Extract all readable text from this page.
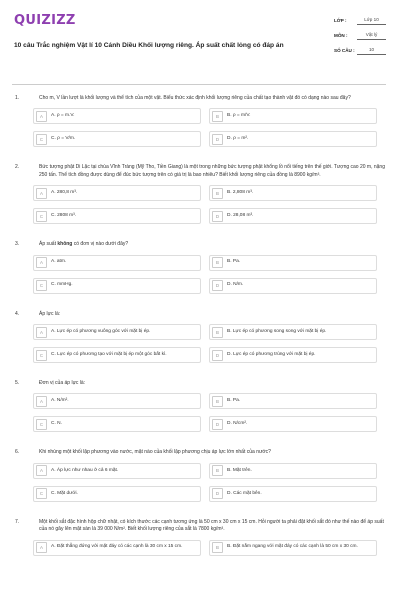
QUIZIZZ
10 câu Trắc nghiệm Vật lí 10 Cánh Diều Khối lượng riêng. Áp suất chất lỏng có đáp án
LỚP :	Lớp 10
MÔN :	Vật lý
SỐ CÂU :	10
1.	Cho m, V lần lượt là khối lượng và thể tích của một vật. Biểu thức xác định khối lượng riêng của chất tạo thành vật đó có dạng nào sau đây?
A	A. ρ = m.V.	B	B. ρ = m/V.
C	C. ρ = V/m.	D	D. ρ = m².
2.	Bức tượng phật Di Lặc tại chùa Vĩnh Tràng (Mỹ Tho, Tiền Giang) là một trong những bức tượng phật khổng lồ nổi tiếng trên thế giới. Tượng cao 20 m, nặng 250 tấn. Thể tích đồng được dùng để đúc bức tượng trên có giá trị là bao nhiêu? Biết khối lượng riêng của đồng là 8900 kg/m³.
A	A. 280,8 m³.	B	B. 2,808 m³.
C	C. 2808 m³.	D	D. 28,08 m³.
3.	Áp suất không có đơn vị nào dưới đây?
A	A. atm.	B	B. Pa.
C	C. mmHg.	D	D. N/m.
4.	Áp lực là:
A	A. Lực ép có phương vuông góc với mặt bị ép.	B	B. Lực ép có phương song song với mặt bị ép.
C	C. Lực ép có phương tạo với mặt bị ép một góc bất kì.	D	D. Lực ép có phương trùng với mặt bị ép.
5.	Đơn vị của áp lực là:
A	A. N/m².	B	B. Pa.
C	C. N.	D	D. N/cm².
6.	Khi nhúng một khối lập phương vào nước, mặt nào của khối lập phương chịu áp lực lớn nhất của nước?
A	A. Áp lực như nhau ở cả 6 mặt.	B	B. Mặt trên.
C	C. Mặt dưới.	D	D. Các mặt bên.
7.	Một khối sắt đặc hình hộp chữ nhật, có kích thước các cạnh tương ứng là 50 cm x 30 cm x 15 cm. Hỏi người ta phải đặt khối sắt đó như thế nào để áp suất của nó gây lên mặt sàn là 39 000 N/m². Biết khối lượng riêng của sắt là 7800 kg/m³.
A	A. Đặt thẳng đứng với mặt đáy có các cạnh là 30 cm x 15 cm.	B	B. Đặt nằm ngang với mặt đáy có các cạnh là 50 cm x 30 cm.
